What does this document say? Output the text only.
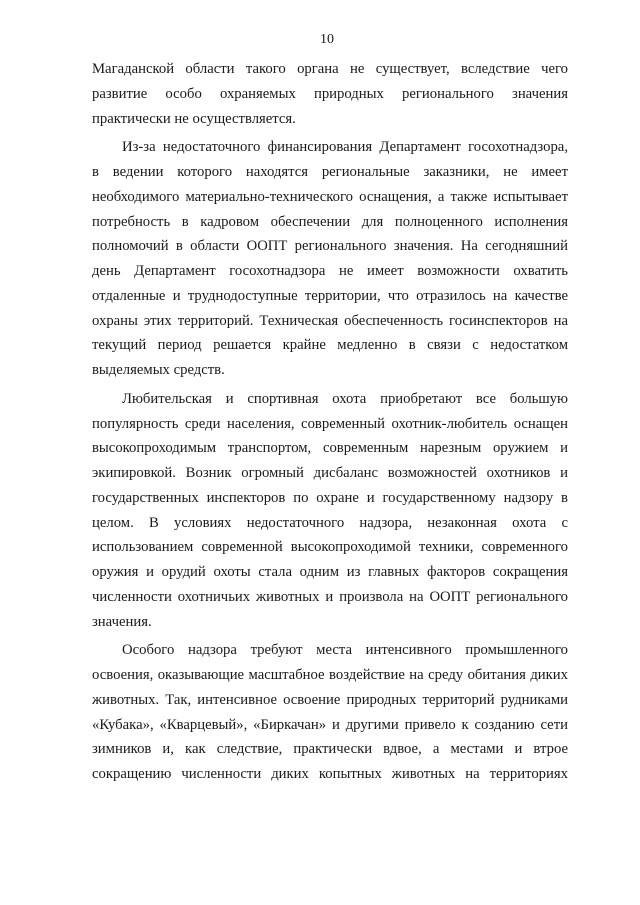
10
Магаданской области такого органа не существует, вследствие чего
развитие особо охраняемых природных регионального значения
практически не осуществляется.
Из-за недостаточного финансирования Департамент госохотнадзора,
в ведении которого находятся региональные заказники, не имеет
необходимого материально-технического оснащения, а также испытывает
потребность в кадровом обеспечении для полноценного исполнения
полномочий в области ООПТ регионального значения. На сегодняшний
день Департамент госохотнадзора не имеет возможности охватить
отдаленные и труднодоступные территории, что отразилось на качестве
охраны этих территорий. Техническая обеспеченность госинспекторов на
текущий период решается крайне медленно в связи с недостатком
выделяемых средств.
Любительская и спортивная охота приобретают все большую
популярность среди населения, современный охотник-любитель оснащен
высокопроходимым транспортом, современным нарезным оружием и
экипировкой. Возник огромный дисбаланс возможностей охотников и
государственных инспекторов по охране и государственному надзору в
целом. В условиях недостаточного надзора, незаконная охота с
использованием современной высокопроходимой техники, современного
оружия и орудий охоты стала одним из главных факторов сокращения
численности охотничьих животных и произвола на ООПТ регионального
значения.
Особого надзора требуют места интенсивного промышленного
освоения, оказывающие масштабное воздействие на среду обитания диких
животных. Так, интенсивное освоение природных территорий рудниками
«Кубака», «Кварцевый», «Биркачан» и другими привело к созданию сети
зимников и, как следствие, практически вдвое, а местами и втрое
сокращению численности диких копытных животных на территориях
